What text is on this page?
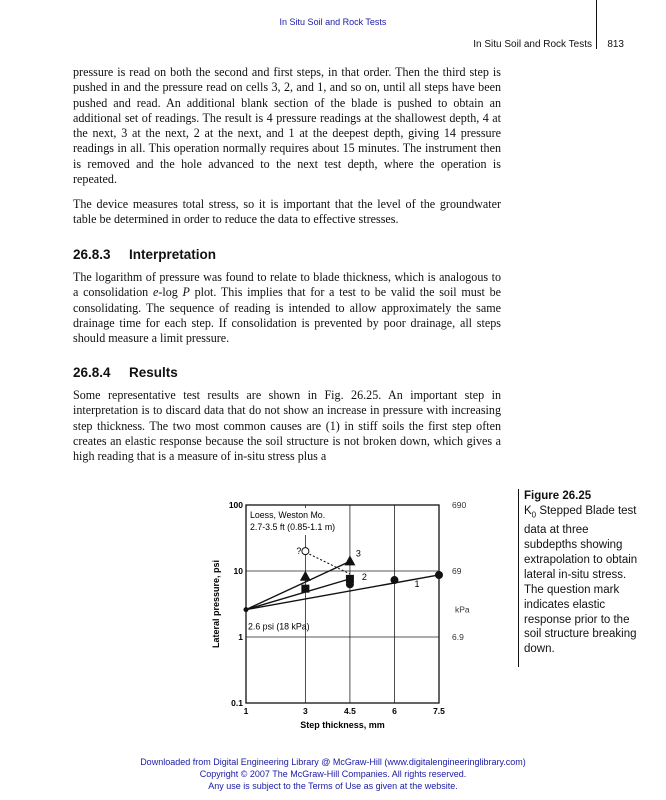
In Situ Soil and Rock Tests
In Situ Soil and Rock Tests 813

pressure is read on both the second and first steps, in that order. Then the third step is pushed in and the pressure read on cells 3, 2, and 1, and so on, until all steps have been pushed and read. An additional blank section of the blade is pushed to obtain an additional set of readings. The result is 4 pressure readings at the shallowest depth, 4 at the next, 3 at the next, 2 at the next, and 1 at the deepest depth, giving 14 pressure readings in all. This operation normally requires about 15 minutes. The instrument then is removed and the hole advanced to the next test depth, where the operation is repeated.

The device measures total stress, so it is important that the level of the groundwater table be determined in order to reduce the data to effective stresses.

26.8.3 Interpretation

The logarithm of pressure was found to relate to blade thickness, which is analogous to a consolidation e-log P plot. This implies that for a test to be valid the soil must be consolidating. The sequence of reading is intended to allow approximately the same drainage time for each step. If consolidation is prevented by poor drainage, all steps should measure a limit pressure.

26.8.4 Results

Some representative test results are shown in Fig. 26.25. An important step in interpretation is to discard data that do not show an increase in pressure with increasing step thickness. The two most common causes are (1) in stiff soils the first step often creates an elastic response because the soil structure is not broken down, which gives a high reading that is a measure of in-situ stress plus a

1	3	4.5	6	7.5
0.1
1
10
100	690
69
6.9
kPa
?
1
2
3
Loess, Weston Mo.
2.7-3.5 ft (0.85-1.1 m)
2.6 psi (18 kPa)
Step thickness, mm
Lateral pressure, psi
Figure 26.25
$K_0$ Stepped Blade test data at three subdepths showing extrapolation to obtain lateral in-situ stress. The question mark indicates elastic response prior to the soil structure breaking down.
Downloaded from Digital Engineering Library @ McGraw-Hill (www.digitalengineeringlibrary.com)
Copyright © 2007 The McGraw-Hill Companies. All rights reserved.
Any use is subject to the Terms of Use as given at the website.
